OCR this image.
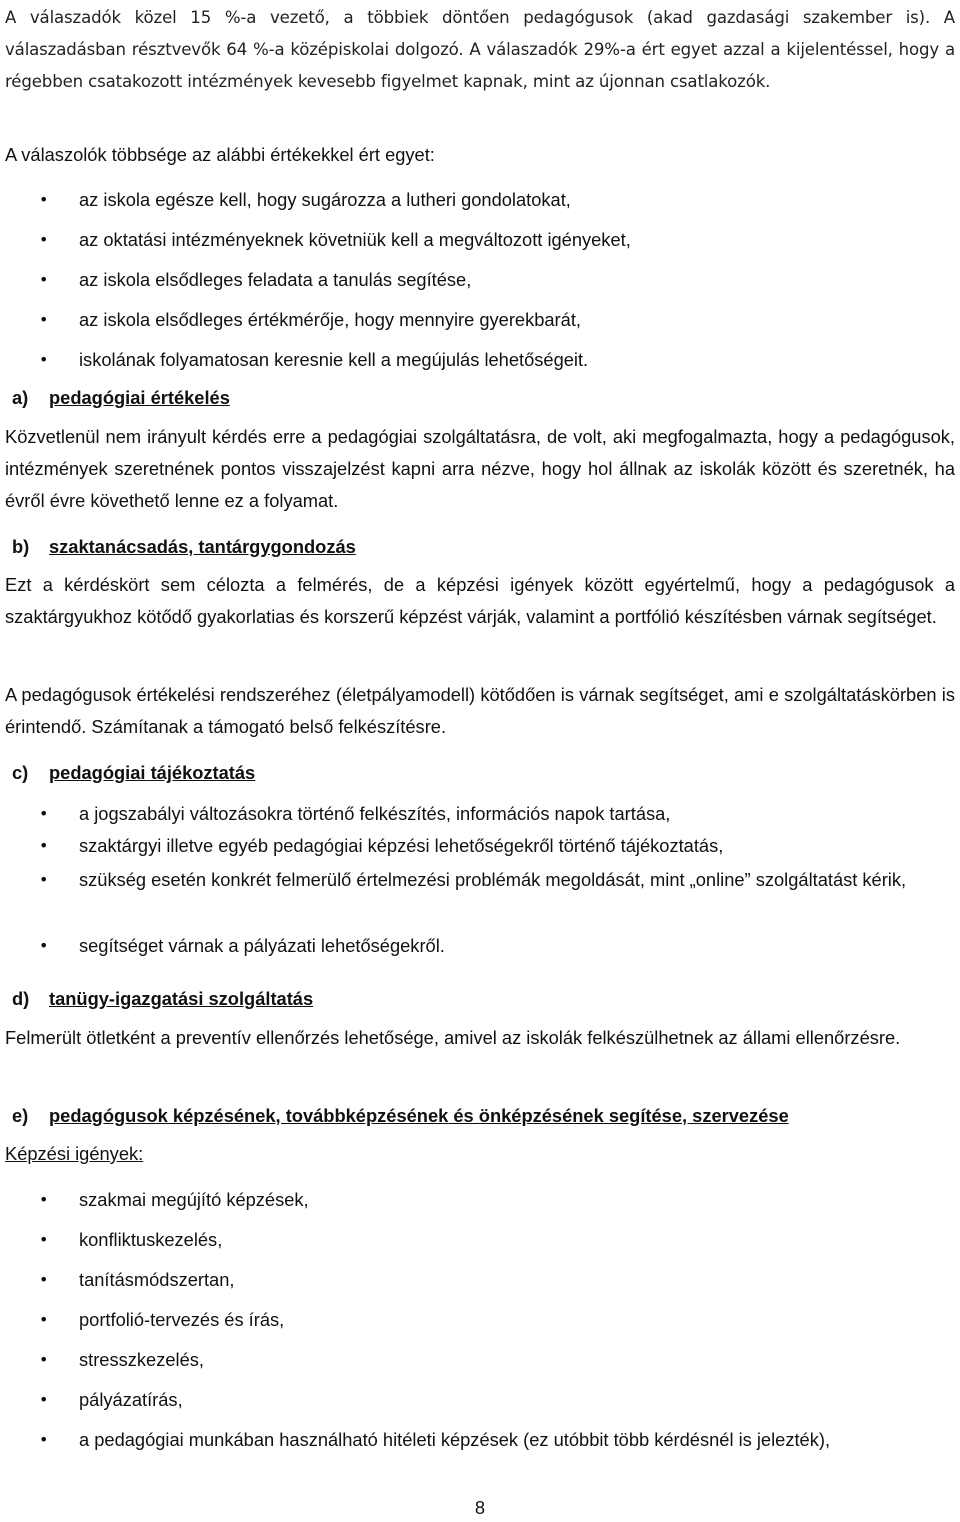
A válaszadók közel 15 %-a vezető, a többiek döntően pedagógusok (akad gazdasági szakember is). A válaszadásban résztvevők 64 %-a középiskolai dolgozó. A válaszadók 29%-a ért egyet azzal a kijelentéssel, hogy a régebben csatakozott intézmények kevesebb figyelmet kapnak, mint az újonnan csatlakozók.
A válaszolók többsége az alábbi értékekkel ért egyet:
• az iskola egésze kell, hogy sugározza a lutheri gondolatokat,
• az oktatási intézményeknek követniük kell a megváltozott igényeket,
• az iskola elsődleges feladata a tanulás segítése,
• az iskola elsődleges értékmérője, hogy mennyire gyerekbarát,
• iskolának folyamatosan keresnie kell a megújulás lehetőségeit.
a) pedagógiai értékelés
Közvetlenül nem irányult kérdés erre a pedagógiai szolgáltatásra, de volt, aki megfogalmazta, hogy a pedagógusok, intézmények szeretnének pontos visszajelzést kapni arra nézve, hogy hol állnak az iskolák között és szeretnék, ha évről évre követhető lenne ez a folyamat.
b) szaktanácsadás, tantárgygondozás
Ezt a kérdéskört sem célozta a felmérés, de a képzési igények között egyértelmű, hogy a pedagógusok a szaktárgyukhoz kötődő gyakorlatias és korszerű képzést várják, valamint a portfólió készítésben várnak segítséget.
A pedagógusok értékelési rendszeréhez (életpályamodell) kötődően is várnak segítséget, ami e szolgáltatáskörben is érintendő. Számítanak a támogató belső felkészítésre.
c) pedagógiai tájékoztatás
• a jogszabályi változásokra történő felkészítés, információs napok tartása,
• szaktárgyi illetve egyéb pedagógiai képzési lehetőségekről történő tájékoztatás,
• szükség esetén konkrét felmerülő értelmezési problémák megoldását, mint „online” szolgáltatást kérik,
• segítséget várnak a pályázati lehetőségekről.
d) tanügy-igazgatási szolgáltatás
Felmerült ötletként a preventív ellenőrzés lehetősége, amivel az iskolák felkészülhetnek az állami ellenőrzésre.
e) pedagógusok képzésének, továbbképzésének és önképzésének segítése, szervezése
Képzési igények:
• szakmai megújító képzések,
• konfliktuskezelés,
• tanításmódszertan,
• portfolió-tervezés és írás,
• stresszkezelés,
• pályázatírás,
• a pedagógiai munkában használható hitéleti képzések (ez utóbbit több kérdésnél is jelezték),
8
